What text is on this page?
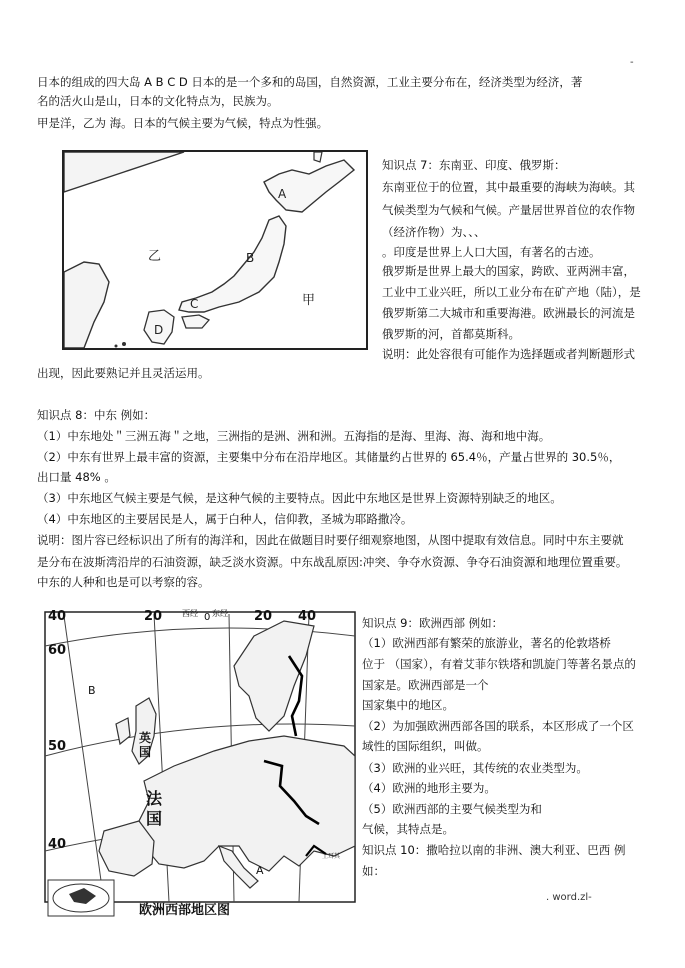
-
日本的组成的四大岛 A B C D 日本的是一个多和的岛国，自然资源，工业主要分布在，经济类型为经济，著
名的活火山是山，日本的文化特点为，民族为。
甲是洋，乙为 海。日本的气候主要为气候，特点为性强。
A
B
C
D
乙
甲
知识点 7：东南亚、印度、俄罗斯：
东南亚位于的位置，其中最重要的海峡为海峡。其
气候类型为气候和气候。产量居世界首位的农作物
（经济作物）为、、、
。印度是世界上人口大国，有著名的古迹。
俄罗斯是世界上最大的国家，跨欧、亚两洲丰富，
工业中工业兴旺，所以工业分布在矿产地（陆），是
俄罗斯第二大城市和重要海港。欧洲最长的河流是
俄罗斯的河，首都莫斯科。
说明：此处容很有可能作为选择题或者判断题形式
出现，因此要熟记并且灵活运用。
知识点 8：中东 例如：
（1）中东地处＂三洲五海＂之地，三洲指的是洲、洲和洲。五海指的是海、里海、海、海和地中海。
（2）中东有世界上最丰富的资源，主要集中分布在沿岸地区。其储量约占世界的 65.4％，产量占世界的 30.5％，
出口量 48% 。
（3）中东地区气候主要是气候，是这种气候的主要特点。因此中东地区是世界上资源特别缺乏的地区。
（4）中东地区的主要居民是人，属于白种人，信仰教，圣城为耶路撒冷。
说明：图片容已经标识出了所有的海洋和，因此在做题目时要仔细观察地图，从图中提取有效信息。同时中东主要就
是分布在波斯湾沿岸的石油资源，缺乏淡水资源。中东战乱原因:冲突、争夺水资源、争夺石油资源和地理位置重要。
中东的人种和也是可以考察的容。
40	20 西经 东经
0	20 40
60
50
40
B
A
英 国
法 国
土耳其
欧洲西部地区图
知识点 9：欧洲西部 例如：
（1）欧洲西部有繁荣的旅游业，著名的伦敦塔桥
位于 （国家），有着艾菲尔铁塔和凯旋门等著名景点的
国家是。欧洲西部是一个
国家集中的地区。
（2）为加强欧洲西部各国的联系，本区形成了一个区
域性的国际组织，叫做。
（3）欧洲的业兴旺，其传统的农业类型为。
（4）欧洲的地形主要为。
（5）欧洲西部的主要气候类型为和
气候，其特点是。
知识点 10：撒哈拉以南的非洲、澳大利亚、巴西 例
如：
. word.zl-
